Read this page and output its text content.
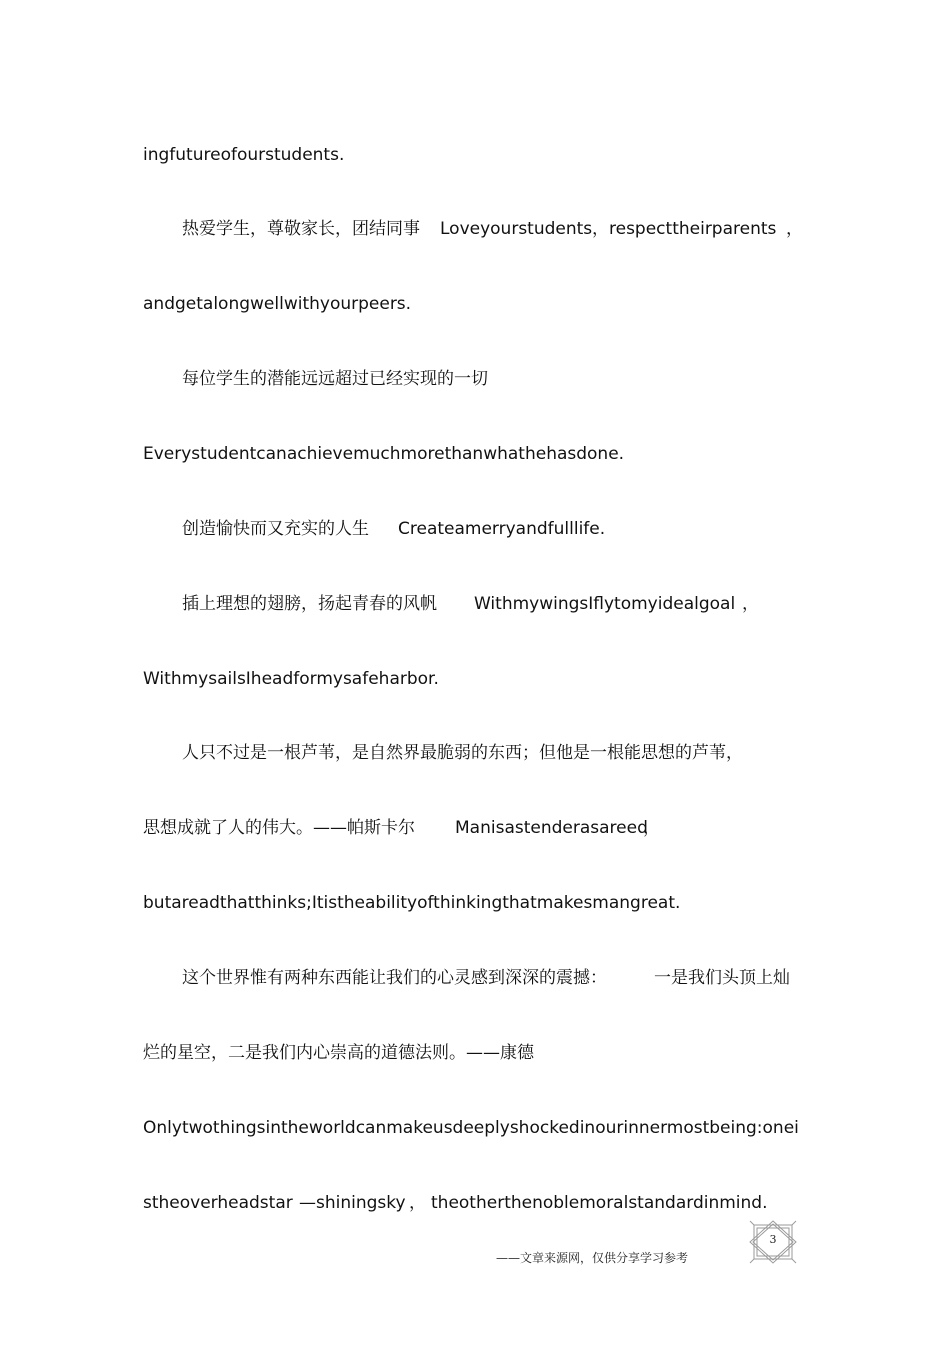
ingfutureofourstudents.

热爱学生，尊敬家长，团结同事

Loveyourstudents

，respecttheirparents

，

andgetalongwellwithyourpeers.

每位学生的潜能远远超过已经实现的一切

Everystudentcanachievemuchmorethanwhathehasdone.

创造愉快而又充实的人生

Createamerryandfulllife.

插上理想的翅膀，扬起青春的风帆

WithmywingsIflytomyidealgoal

，

WithmysailsIheadformysafeharbor.

人只不过是一根芦苇，是自然界最脆弱的东西；但他是一根能思想的芦苇，

思想成就了人的伟大。——帕斯卡尔

Manisastenderasareed

，

butareadthatthinks;Itistheabilityofthinkingthatmakesmangreat.

这个世界惟有两种东西能让我们的心灵感到深深的震撼：

	一是我们头顶上灿

烂的星空，二是我们内心崇高的道德法则。——康德

Onlytwothingsintheworldcanmakeusdeeplyshockedinourinnermostbeing:onei

stheoverheadstar

—shiningsky

，

theotherthenoblemoralstandardinmind.

——文章来源网，仅供分享学习参考
3
